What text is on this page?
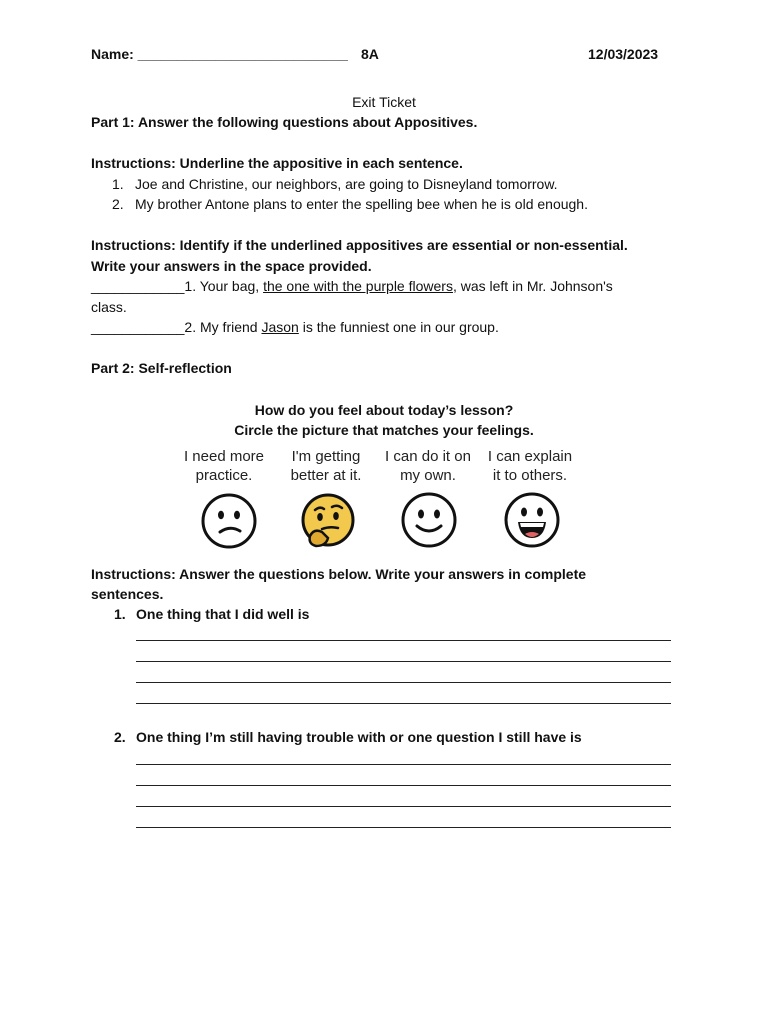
Name: ___________________________ 8A	12/03/2023
Exit Ticket
Part 1: Answer the following questions about Appositives.
Instructions: Underline the appositive in each sentence.
1. Joe and Christine, our neighbors, are going to Disneyland tomorrow.
2. My brother Antone plans to enter the spelling bee when he is old enough.
Instructions: Identify if the underlined appositives are essential or non-essential.
Write your answers in the space provided.
____________1. Your bag, the one with the purple flowers, was left in Mr. Johnson's
class.
____________2. My friend Jason is the funniest one in our group.
Part 2: Self-reflection
How do you feel about today’s lesson?
Circle the picture that matches your feelings.
I need more
practice.
I'm getting
better at it.
I can do it on
my own.
I can explain
it to others.
Instructions: Answer the questions below. Write your answers in complete
sentences.
1. One thing that I did well is
2. One thing I’m still having trouble with or one question I still have is
